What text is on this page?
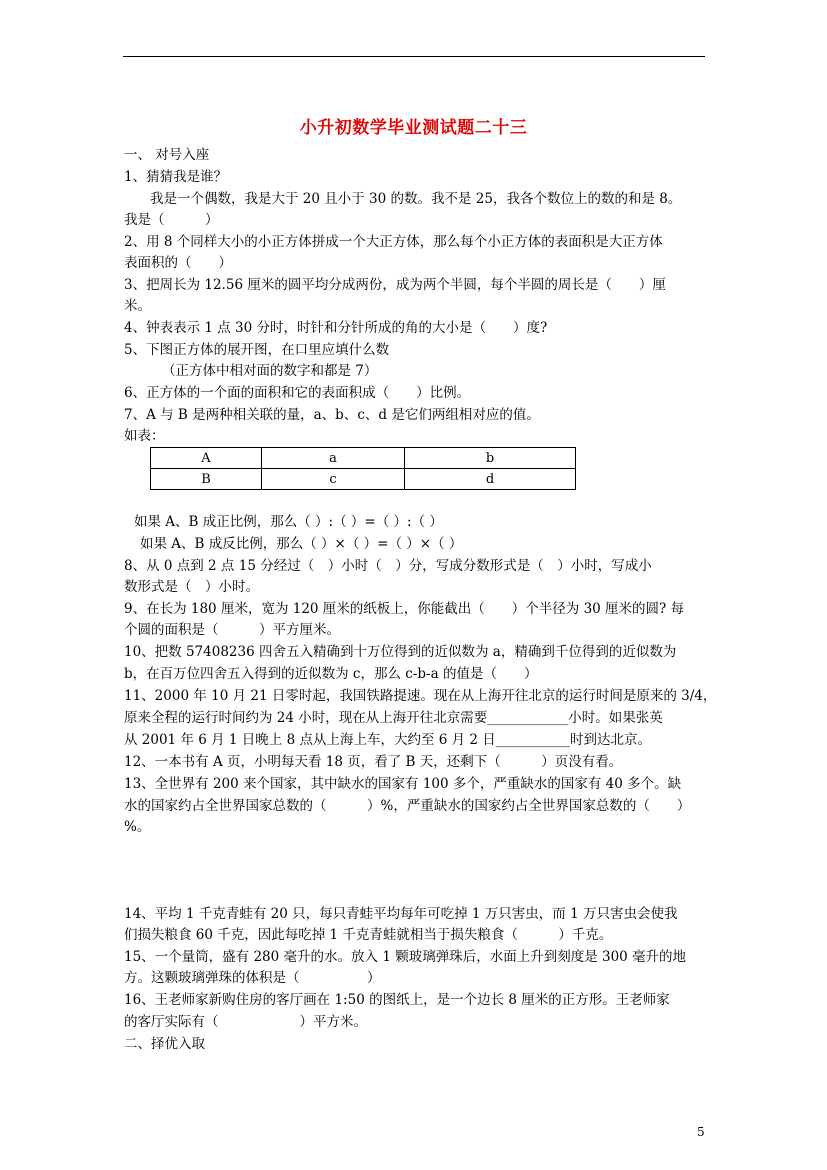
小升初数学毕业测试题二十三
一、 对号入座
1、猜猜我是谁？
我是一个偶数，我是大于 20 且小于 30 的数。我不是 25，我各个数位上的数的和是 8。
我是（　　　）
2、用 8 个同样大小的小正方体拼成一个大正方体，那么每个小正方体的表面积是大正方体
表面积的（　　）
3、把周长为 12.56 厘米的圆平均分成两份，成为两个半圆，每个半圆的周长是（　　）厘
米。
4、钟表表示 1 点 30 分时，时针和分针所成的角的大小是（　　）度?
5、下图正方体的展开图，在口里应填什么数
（正方体中相对面的数字和都是 7）
6、正方体的一个面的面积和它的表面积成（　　）比例。
7、A 与 B 是两种相关联的量，a、b、c、d 是它们两组相对应的值。
如表：
A	a	b
B	c	d
如果 A、B 成正比例，那么（ ）:（ ）=（ ）:（ ）
如果 A、B 成反比例，那么（ ）×（ ）=（ ）×（ ）
8、从 0 点到 2 点 15 分经过（　）小时（　）分，写成分数形式是（　）小时，写成小
数形式是（　）小时。
9、在长为 180 厘米，宽为 120 厘米的纸板上，你能截出（　　）个半径为 30 厘米的圆? 每
个圆的面积是（　　　）平方厘米。
10、把数 57408236 四舍五入精确到十万位得到的近似数为 a，精确到千位得到的近似数为
b，在百万位四舍五入得到的近似数为 c，那么 c-b-a 的值是（　　）
11、2000 年 10 月 21 日零时起，我国铁路提速。现在从上海开往北京的运行时间是原来的 3/4，
原来全程的运行时间约为 24 小时，现在从上海开往北京需要____________小时。如果张英
从 2001 年 6 月 1 日晚上 8 点从上海上车，大约至 6 月 2 日___________时到达北京。
12、一本书有 A 页，小明每天看 18 页，看了 B 天，还剩下（　　　）页没有看。
13、全世界有 200 来个国家，其中缺水的国家有 100 多个，严重缺水的国家有 40 多个。缺
水的国家约占全世界国家总数的（　　　）%，严重缺水的国家约占全世界国家总数的（　　）
%。
14、平均 1 千克青蛙有 20 只，每只青蛙平均每年可吃掉 1 万只害虫，而 1 万只害虫会使我
们损失粮食 60 千克，因此每吃掉 1 千克青蛙就相当于损失粮食（　　　）千克。
15、一个量筒，盛有 280 毫升的水。放入 1 颗玻璃弹珠后，水面上升到刻度是 300 毫升的地
方。这颗玻璃弹珠的体积是（　　　　　）
16、王老师家新购住房的客厅画在 1:50 的图纸上，是一个边长 8 厘米的正方形。王老师家
的客厅实际有（　　　　　　）平方米。
二、择优入取
5
